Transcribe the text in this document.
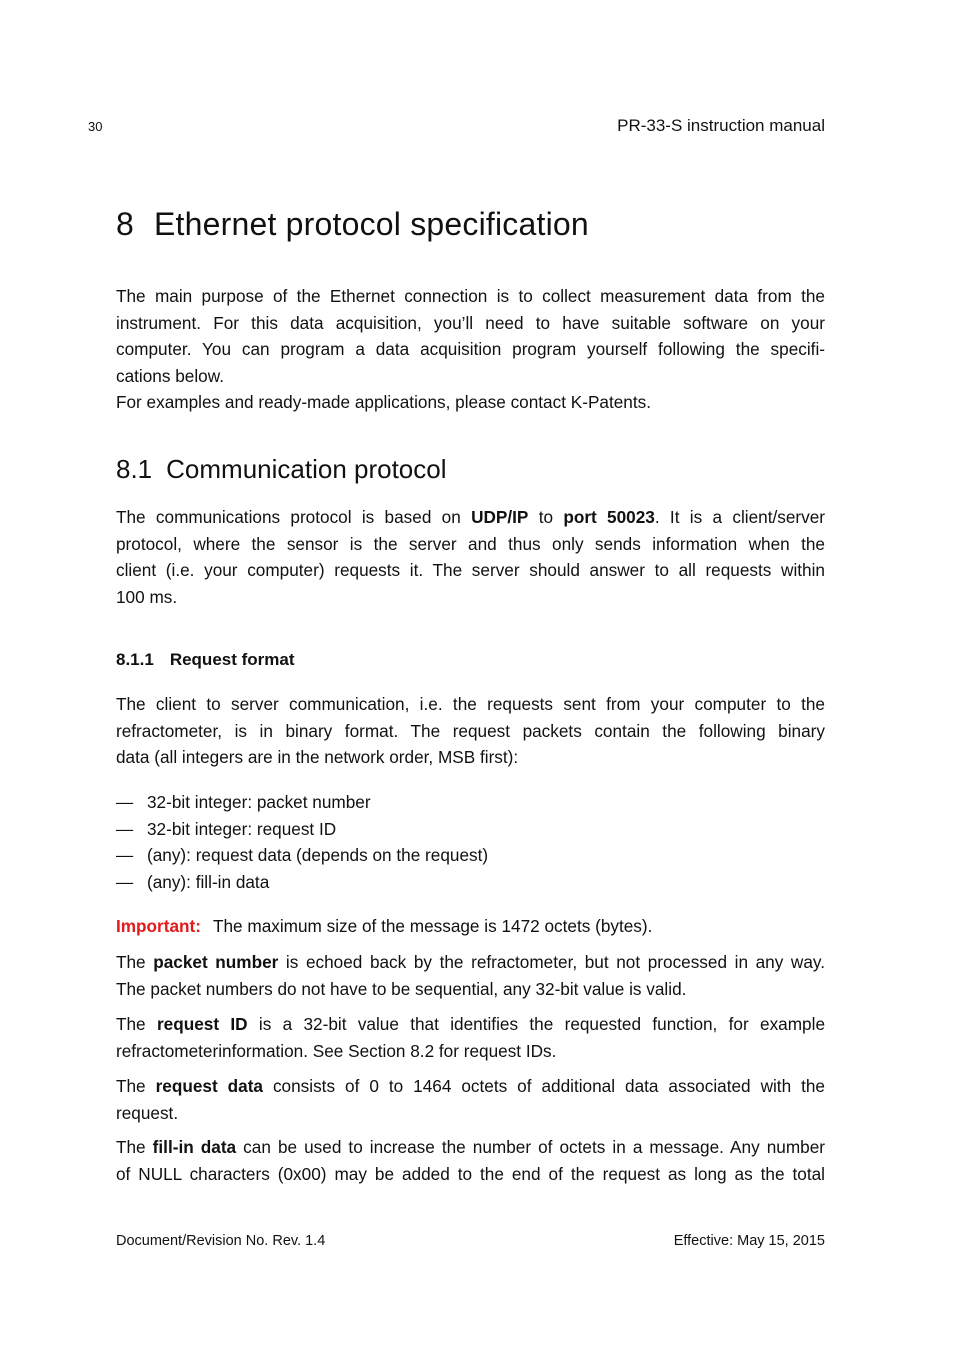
30	PR-33-S instruction manual
8 Ethernet protocol specification
The main purpose of the Ethernet connection is to collect measurement data from the
instrument. For this data acquisition, you’ll need to have suitable software on your
computer. You can program a data acquisition program yourself following the specifi-
cations below.
For examples and ready-made applications, please contact K-Patents.
8.1 Communication protocol
The communications protocol is based on UDP/IP to port 50023. It is a client/server
protocol, where the sensor is the server and thus only sends information when the
client (i.e. your computer) requests it. The server should answer to all requests within
100 ms.
8.1.1 Request format
The client to server communication, i.e. the requests sent from your computer to the
refractometer, is in binary format. The request packets contain the following binary
data (all integers are in the network order, MSB first):
— 32-bit integer: packet number
— 32-bit integer: request ID
— (any): request data (depends on the request)
— (any): fill-in data
Important: The maximum size of the message is 1472 octets (bytes).
The packet number is echoed back by the refractometer, but not processed in any way.
The packet numbers do not have to be sequential, any 32-bit value is valid.
The request ID is a 32-bit value that identifies the requested function, for example
refractometerinformation. See Section 8.2 for request IDs.
The request data consists of 0 to 1464 octets of additional data associated with the
request.
The fill-in data can be used to increase the number of octets in a message. Any number
of NULL characters (0x00) may be added to the end of the request as long as the total
Document/Revision No. Rev. 1.4	Effective: May 15, 2015
